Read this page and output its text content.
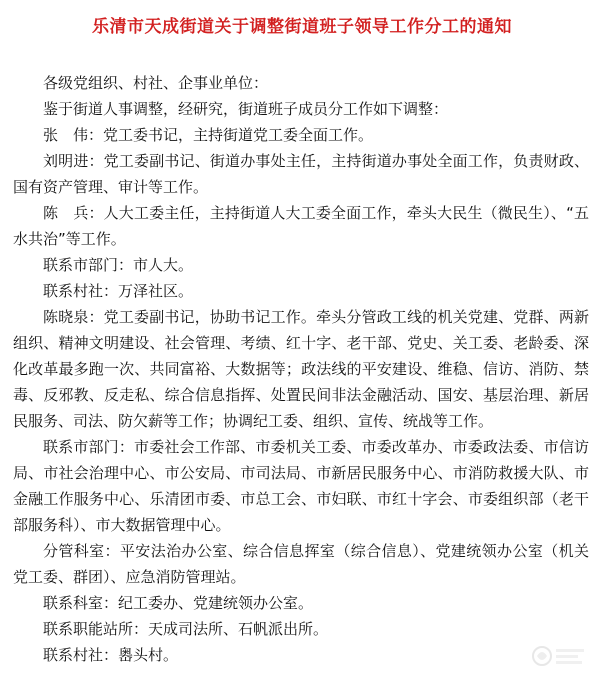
乐清市天成街道关于调整街道班子领导工作分工的通知

各级党组织、村社、企事业单位：

鉴于街道人事调整，经研究，街道班子成员分工作如下调整：

张　伟：党工委书记，主持街道党工委全面工作。

刘明进：党工委副书记、街道办事处主任，主持街道办事处全面工作，负责财政、国有资产管理、审计等工作。

陈　兵：人大工委主任，主持街道人大工委全面工作，牵头大民生（微民生）、“五水共治”等工作。

联系市部门：市人大。

联系村社：万泽社区。

陈晓泉：党工委副书记，协助书记工作。牵头分管政工线的机关党建、党群、两新组织、精神文明建设、社会管理、考绩、红十字、老干部、党史、关工委、老龄委、深化改革最多跑一次、共同富裕、大数据等；政法线的平安建设、维稳、信访、消防、禁毒、反邪教、反走私、综合信息指挥、处置民间非法金融活动、国安、基层治理、新居民服务、司法、防欠薪等工作；协调纪工委、组织、宣传、统战等工作。

联系市部门：市委社会工作部、市委机关工委、市委改革办、市委政法委、市信访局、市社会治理中心、市公安局、市司法局、市新居民服务中心、市消防救援大队、市金融工作服务中心、乐清团市委、市总工会、市妇联、市红十字会、市委组织部（老干部服务科）、市大数据管理中心。

分管科室：平安法治办公室、综合信息挥室（综合信息）、党建统领办公室（机关党工委、群团）、应急消防管理站。

联系科室：纪工委办、党建统领办公室。

联系职能站所：天成司法所、石帆派出所。

联系村社：嶴头村。
